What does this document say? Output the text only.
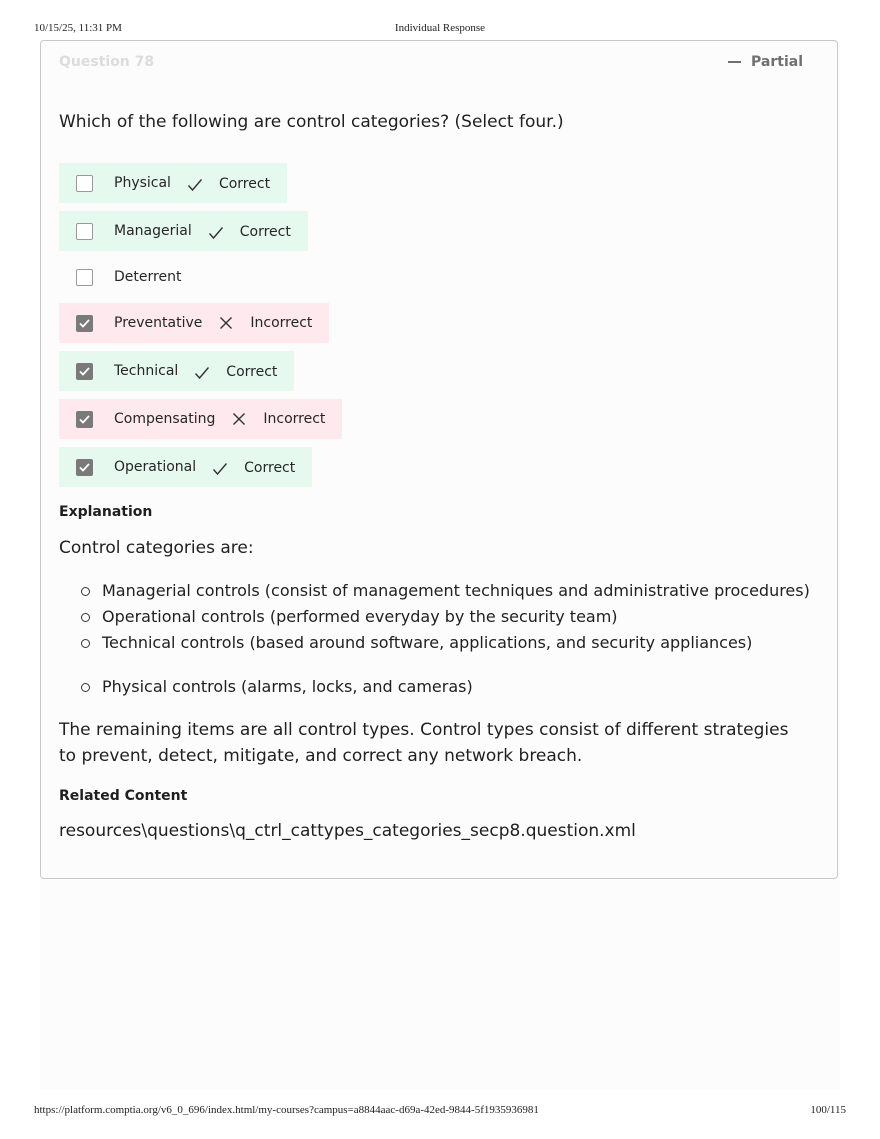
10/15/25, 11:31 PM	Individual Response
Question 78	Partial
Which of the following are control categories? (Select four.)
Physical	Correct
Managerial	Correct
Deterrent
Preventative	Incorrect
Technical	Correct
Compensating	Incorrect
Operational	Correct
Explanation
Control categories are:
Managerial controls (consist of management techniques and administrative procedures)
Operational controls (performed everyday by the security team)
Technical controls (based around software, applications, and security appliances)
Physical controls (alarms, locks, and cameras)
The remaining items are all control types. Control types consist of different strategies to prevent, detect, mitigate, and correct any network breach.
Related Content
resources\questions\q_ctrl_cattypes_categories_secp8.question.xml
https://platform.comptia.org/v6_0_696/index.html/my-courses?campus=a8844aac-d69a-42ed-9844-5f1935936981	100/115
